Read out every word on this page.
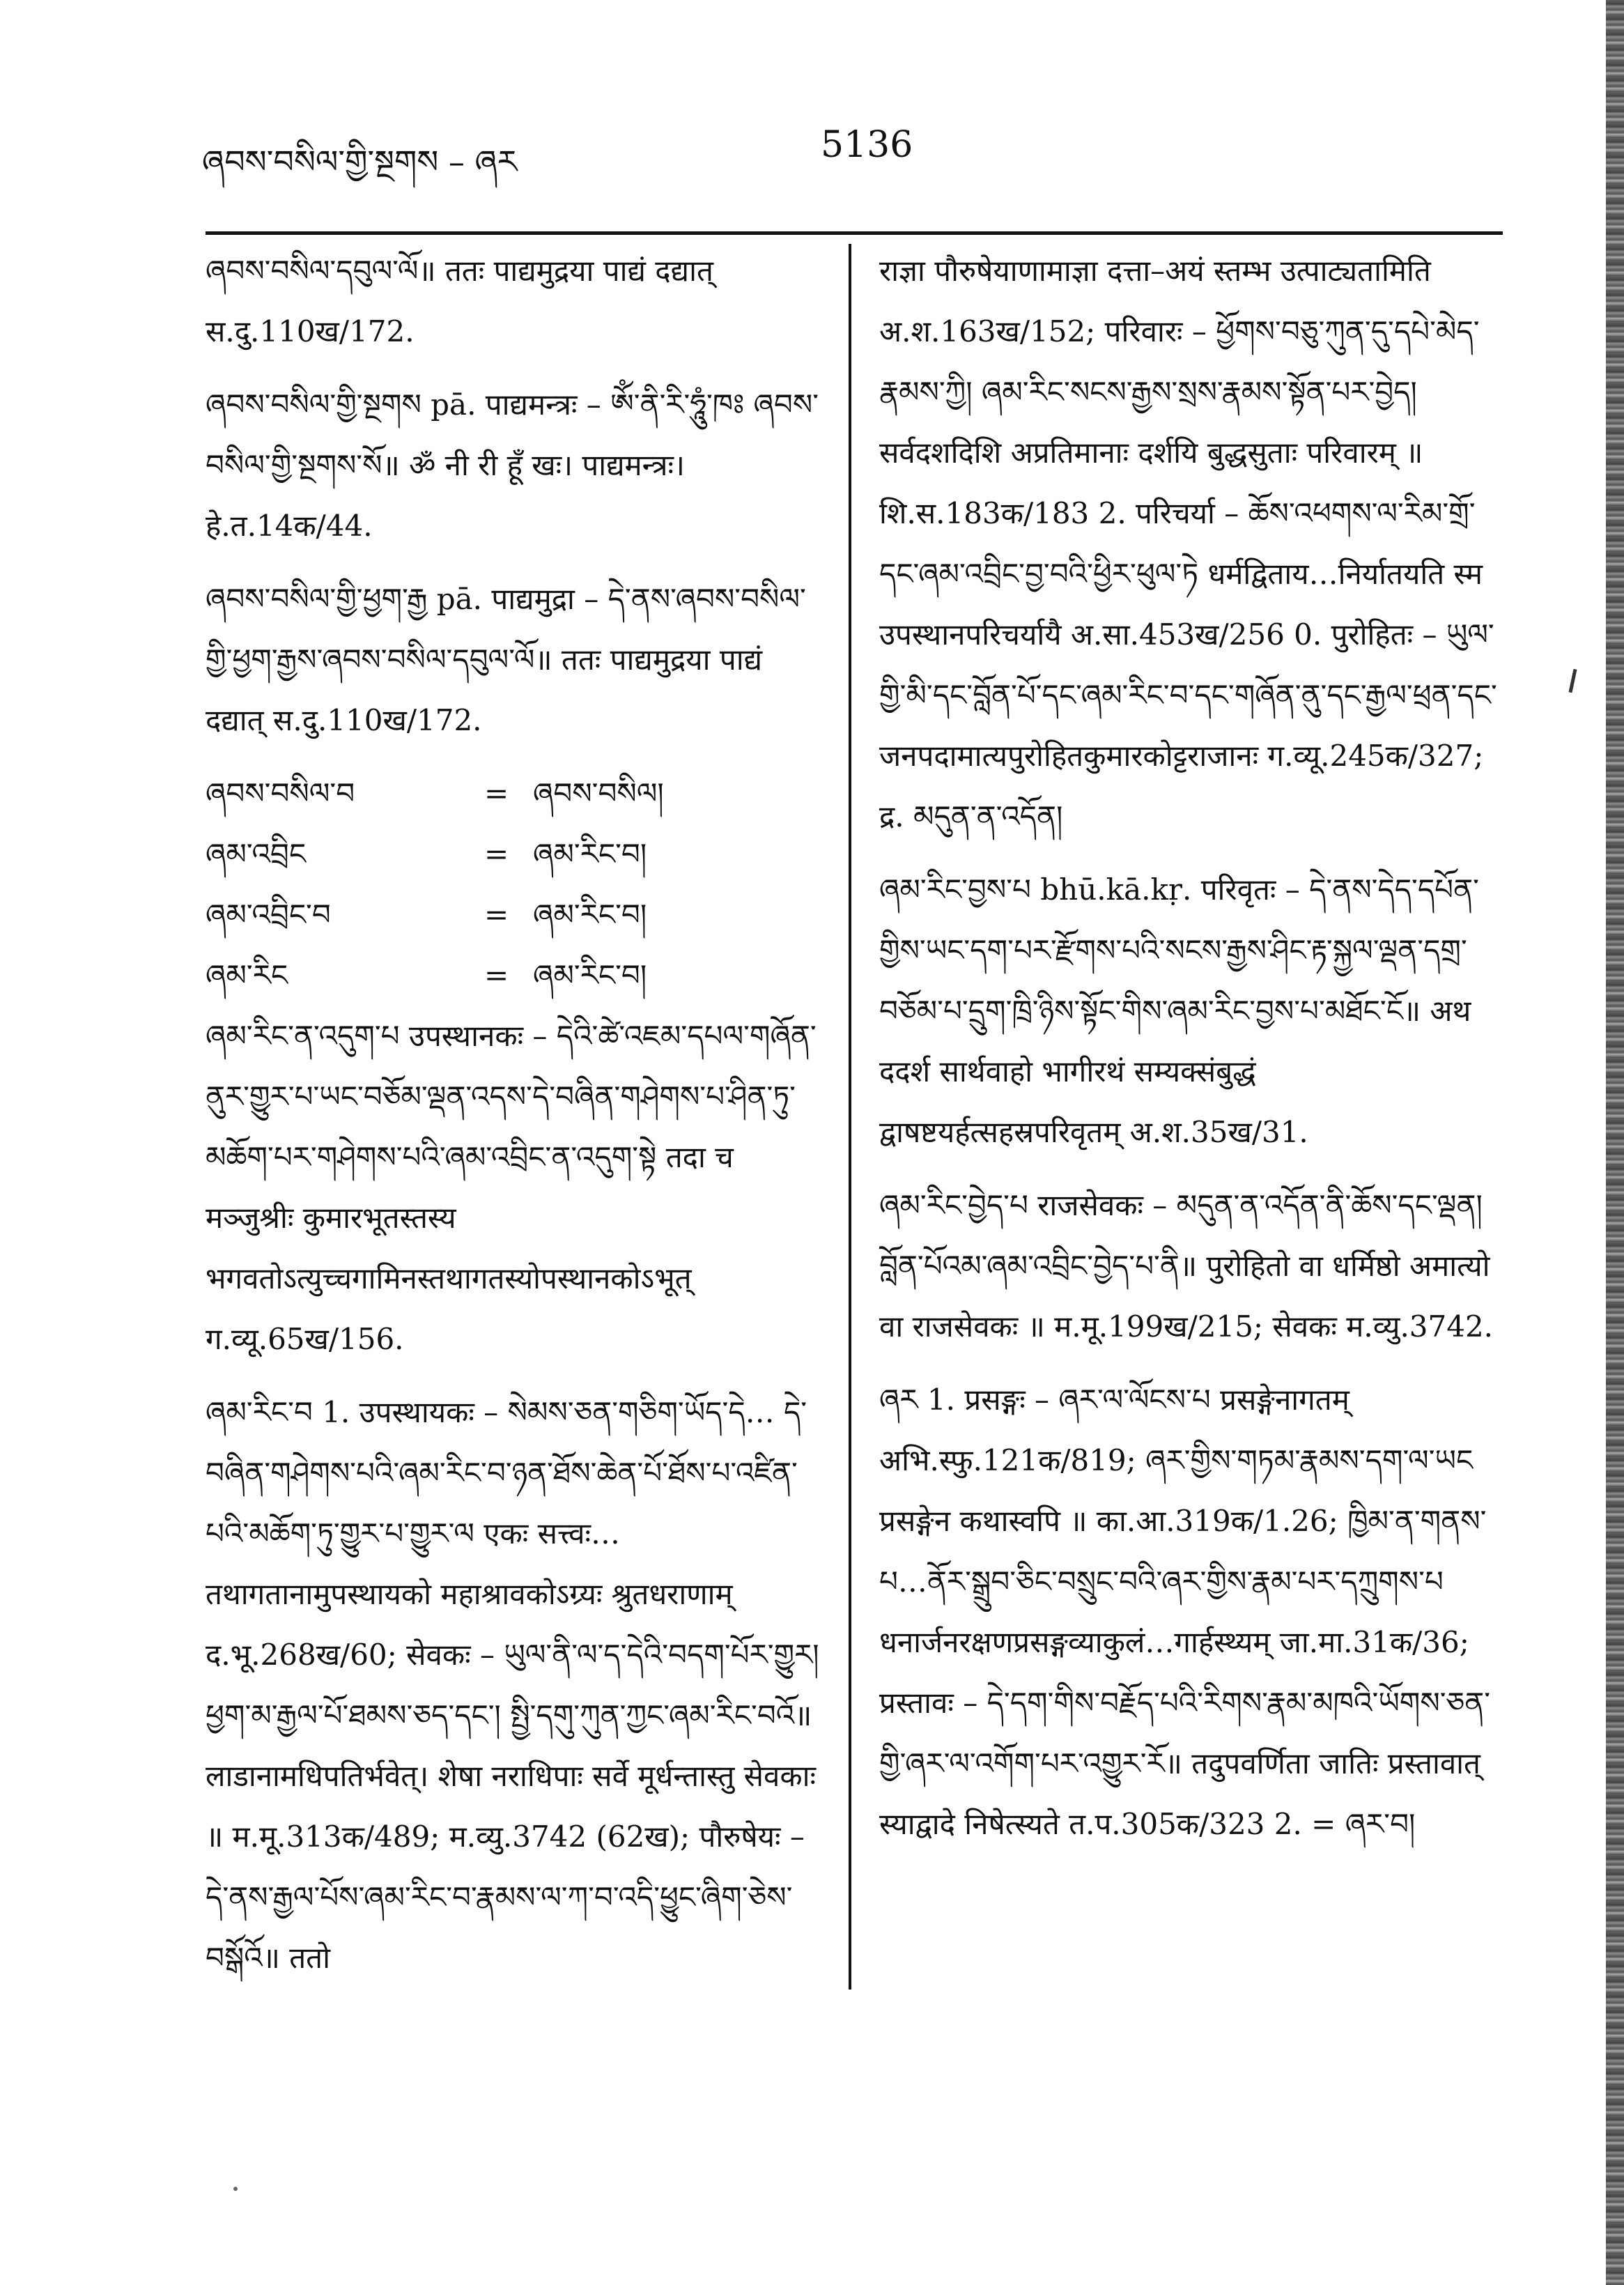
ཞབས་བསིལ་གྱི་སྔགས – ཞར	5136

ཞབས་བསིལ་དབུལ་ལོ॥ ततः पाद्यमुद्रया पाद्यं दद्यात् स.दु.110ख/172.

ཞབས་བསིལ་གྱི་སྔགས pā. पाद्यमन्त्रः – ཨོཾ་ནི་རི་ཧཱུཾ་ཁཿ ཞབས་བསིལ་གྱི་སྔགས་སོ॥ ॐ नी री हूँ खः। पाद्यमन्त्रः। हे.त.14क/44.

ཞབས་བསིལ་གྱི་ཕྱག་རྒྱ pā. पाद्यमुद्रा – དེ་ནས་ཞབས་བསིལ་གྱི་ཕྱག་རྒྱས་ཞབས་བསིལ་དབུལ་ལོ॥ ततः पाद्यमुद्रया पाद्यं दद्यात् स.दु.110ख/172.

ཞབས་བསིལ་བ	= ཞབས་བསིལ།
ཞམ་འབྲིང	= ཞམ་རིང་བ།
ཞམ་འབྲིང་བ	= ཞམ་རིང་བ།
ཞམ་རིང	= ཞམ་རིང་བ།

ཞམ་རིང་ན་འདུག་པ उपस्थानकः – དེའི་ཚེ་འཇམ་དཔལ་གཞོན་ནུར་གྱུར་པ་ཡང་བཅོམ་ལྡན་འདས་དེ་བཞིན་གཤེགས་པ་ཤིན་ཏུ་མཆོག་པར་གཤེགས་པའི་ཞམ་འབྲིང་ན་འདུག་སྟེ तदा च मञ्जुश्रीः कुमारभूतस्तस्य भगवतोऽत्युच्चगामिनस्तथागतस्योपस्थानकोऽभूत् ग.व्यू.65ख/156.

ཞམ་རིང་བ 1. उपस्थायकः – སེམས་ཅན་གཅིག་ཡོད་དེ… དེ་བཞིན་གཤེགས་པའི་ཞམ་རིང་བ་ཉན་ཐོས་ཆེན་པོ་ཐོས་པ་འཛིན་པའི་མཆོག་ཏུ་གྱུར་པ་གྱུར་ལ एकः सत्त्वः… तथागतानामुपस्थायको महाश्रावकोऽग्र्यः श्रुतधराणाम् द.भू.268ख/60; सेवकः – ཡུལ་ནི་ལ་ད་དེའི་བདག་པོར་གྱུར། ཕྱག་མ་རྒྱལ་པོ་ཐམས་ཅད་དང་། སྤྱི་དགུ་ཀུན་ཀྱང་ཞམ་རིང་བའོ॥ लाडानामधिपतिर्भवेत्। शेषा नराधिपाः सर्वे मूर्धन्तास्तु सेवकाः ॥ म.मू.313क/489; म.व्यु.3742 (62ख); पौरुषेयः – དེ་ནས་རྒྱལ་པོས་ཞམ་རིང་བ་རྣམས་ལ་ཀ་བ་འདི་ཕྱུང་ཞིག་ཅེས་བསྒོའོ॥ ततो

राज्ञा पौरुषेयाणामाज्ञा दत्ता–अयं स्तम्भ उत्पाट्यतामिति अ.श.163ख/152; परिवारः – ཕྱོགས་བཅུ་ཀུན་དུ་དཔེ་མེད་རྣམས་ཀྱི། ཞམ་རིང་སངས་རྒྱས་སྲས་རྣམས་སྟོན་པར་བྱེད། सर्वदशदिशि अप्रतिमानाः दर्शयि बुद्धसुताः परिवारम् ॥ शि.स.183क/183 2. परिचर्या – ཆོས་འཕགས་ལ་རིམ་གྲོ་དང་ཞམ་འབྲིང་བྱ་བའི་ཕྱིར་ཕུལ་ཏེ धर्मद्विताय…निर्यातयति स्म उपस्थानपरिचर्यायै अ.सा.453ख/256 0. पुरोहितः – ཡུལ་གྱི་མི་དང་བློན་པོ་དང་ཞམ་རིང་བ་དང་གཞོན་ནུ་དང་རྒྱལ་ཕྲན་དང་ जनपदामात्यपुरोहितकुमारकोट्टराजानः ग.व्यू.245क/327; द्र. མདུན་ན་འདོན།

ཞམ་རིང་བྱས་པ bhū.kā.kṛ. परिवृतः – དེ་ནས་དེད་དཔོན་གྱིས་ཡང་དག་པར་རྫོགས་པའི་སངས་རྒྱས་ཤིང་རྟ་སྐྱལ་ལྡན་དགྲ་བཅོམ་པ་དྲུག་ཁྲི་ཉིས་སྟོང་གིས་ཞམ་རིང་བྱས་པ་མཐོང་ངོ॥ अथ ददर्श सार्थवाहो भागीरथं सम्यक्संबुद्धं द्वाषष्टयर्हत्सहस्रपरिवृतम् अ.श.35ख/31.

ཞམ་རིང་བྱེད་པ राजसेवकः – མདུན་ན་འདོན་ནི་ཆོས་དང་ལྡན། བློན་པོའམ་ཞམ་འབྲིང་བྱེད་པ་ནི॥ पुरोहितो वा धर्मिष्ठो अमात्यो वा राजसेवकः ॥ म.मू.199ख/215; सेवकः म.व्यु.3742.

ཞར 1. प्रसङ्गः – ཞར་ལ་ལོངས་པ प्रसङ्गेनागतम् अभि.स्फु.121क/819; ཞར་གྱིས་གཏམ་རྣམས་དག་ལ་ཡང प्रसङ्गेन कथास्वपि ॥ का.आ.319क/1.26; ཁྱིམ་ན་གནས་པ…ནོར་སྒྲུབ་ཅིང་བསྲུང་བའི་ཞར་གྱིས་རྣམ་པར་དཀྲུགས་པ धनार्जनरक्षणप्रसङ्गव्याकुलं…गार्हस्थ्यम् जा.मा.31क/36; प्रस्तावः – དེ་དག་གིས་བརྗོད་པའི་རིགས་རྣམ་མཁའི་ཡོགས་ཅན་གྱི་ཞར་ལ་འགོག་པར་འགྱུར་རོ॥ तदुपवर्णिता जातिः प्रस्तावात् स्याद्वादे निषेत्स्यते त.प.305क/323 2. = ཞར་བ།
